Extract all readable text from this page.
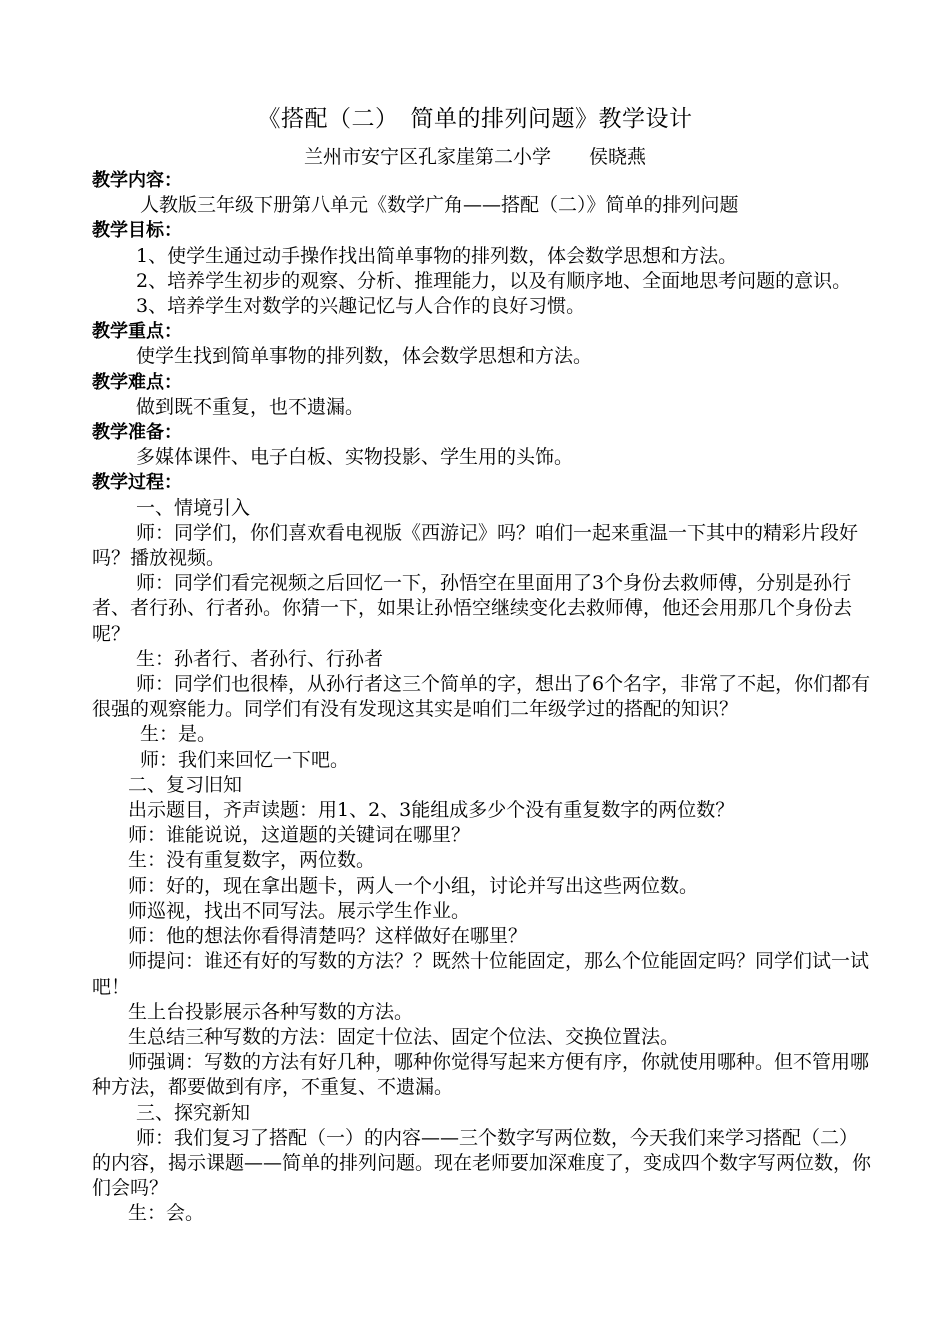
《搭配（二）　简单的排列问题》教学设计
兰州市安宁区孔家崖第二小学　　侯晓燕

教学内容：

人教版三年级下册第八单元《数学广角——搭配（二）》简单的排列问题

教学目标：

1、使学生通过动手操作找出简单事物的排列数，体会数学思想和方法。

2、培养学生初步的观察、分析、推理能力，以及有顺序地、全面地思考问题的意识。

3、培养学生对数学的兴趣记忆与人合作的良好习惯。

教学重点：

使学生找到简单事物的排列数，体会数学思想和方法。

教学难点：

做到既不重复，也不遗漏。

教学准备：

多媒体课件、电子白板、实物投影、学生用的头饰。

教学过程：

一、情境引入

师：同学们，你们喜欢看电视版《西游记》吗？咱们一起来重温一下其中的精彩片段好吗？播放视频。

师：同学们看完视频之后回忆一下，孙悟空在里面用了3个身份去救师傅，分别是孙行者、者行孙、行者孙。你猜一下，如果让孙悟空继续变化去救师傅，他还会用那几个身份去呢？

生：孙者行、者孙行、行孙者

师：同学们也很棒，从孙行者这三个简单的字，想出了6个名字，非常了不起，你们都有很强的观察能力。同学们有没有发现这其实是咱们二年级学过的搭配的知识？

生：是。

师：我们来回忆一下吧。

二、复习旧知

出示题目，齐声读题：用1、2、3能组成多少个没有重复数字的两位数？

师：谁能说说，这道题的关键词在哪里？

生：没有重复数字，两位数。

师：好的，现在拿出题卡，两人一个小组，讨论并写出这些两位数。

师巡视，找出不同写法。展示学生作业。

师：他的想法你看得清楚吗？这样做好在哪里？

师提问：谁还有好的写数的方法？？既然十位能固定，那么个位能固定吗？同学们试一试吧！

生上台投影展示各种写数的方法。

生总结三种写数的方法：固定十位法、固定个位法、交换位置法。

师强调：写数的方法有好几种，哪种你觉得写起来方便有序，你就使用哪种。但不管用哪种方法，都要做到有序，不重复、不遗漏。

三、探究新知

师：我们复习了搭配（一）的内容——三个数字写两位数，今天我们来学习搭配（二）的内容，揭示课题——简单的排列问题。现在老师要加深难度了，变成四个数字写两位数，你们会吗？

生：会。
